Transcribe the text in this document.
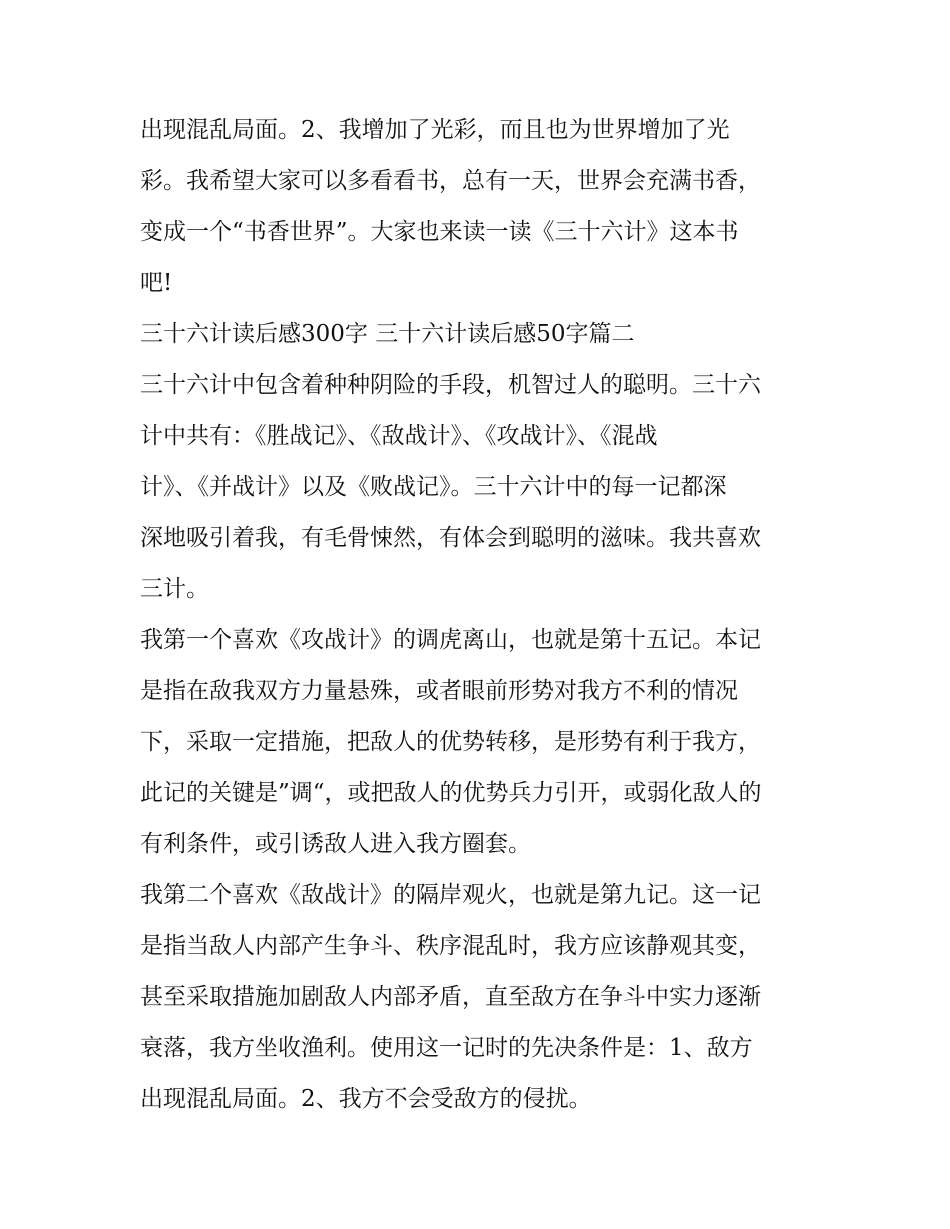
出现混乱局面。2、我增加了光彩，而且也为世界增加了光
彩。我希望大家可以多看看书，总有一天，世界会充满书香，
变成一个“书香世界”。大家也来读一读《三十六计》这本书
吧!
三十六计读后感300字 三十六计读后感50字篇二
三十六计中包含着种种阴险的手段，机智过人的聪明。三十六
计中共有：《胜战记》、《敌战计》、《攻战计》、《混战
计》、《并战计》以及《败战记》。三十六计中的每一记都深
深地吸引着我，有毛骨悚然，有体会到聪明的滋味。我共喜欢
三计。
我第一个喜欢《攻战计》的调虎离山，也就是第十五记。本记
是指在敌我双方力量悬殊，或者眼前形势对我方不利的情况
下，采取一定措施，把敌人的优势转移，是形势有利于我方，
此记的关键是”调“，或把敌人的优势兵力引开，或弱化敌人的
有利条件，或引诱敌人进入我方圈套。
我第二个喜欢《敌战计》的隔岸观火，也就是第九记。这一记
是指当敌人内部产生争斗、秩序混乱时，我方应该静观其变，
甚至采取措施加剧敌人内部矛盾，直至敌方在争斗中实力逐渐
衰落，我方坐收渔利。使用这一记时的先决条件是：1、敌方
出现混乱局面。2、我方不会受敌方的侵扰。
